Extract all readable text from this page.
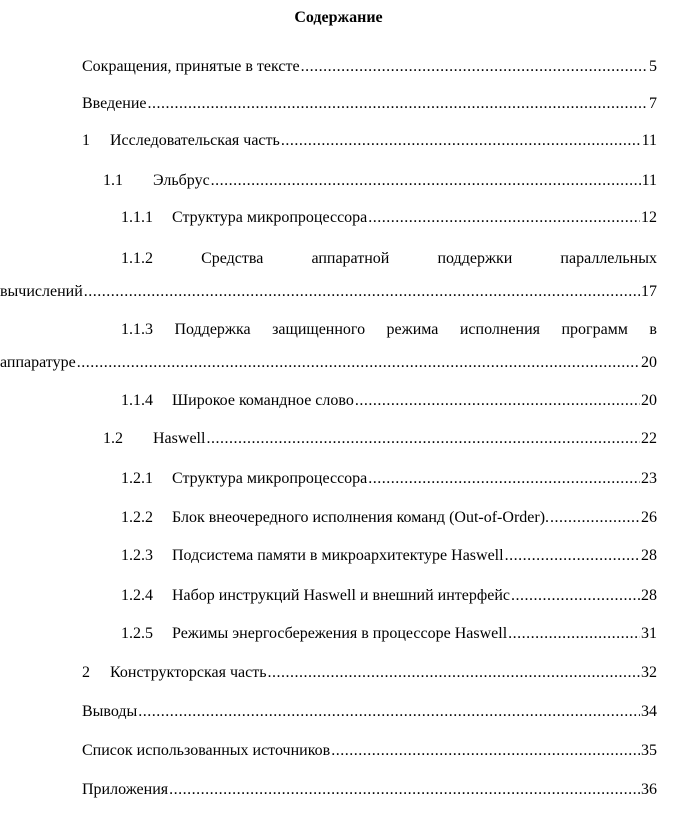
Содержание
Сокращения, принятые в тексте .....	5
Введение .....	7
1	Исследовательская часть .....	11
1.1	Эльбрус .....	11
1.1.1	Структура микропроцессора .....	12
1.1.2	Средства	аппаратной	поддержки	параллельных
вычислений .....	17
1.1.3 Поддержка защищенного режима исполнения программ в
аппаратуре .....	20
1.1.4	Широкое командное слово .....	20
1.2	Haswell .....	22
1.2.1	Структура микропроцессора .....	23
1.2.2	Блок внеочередного исполнения команд (Out-of-Order). .....	26
1.2.3	Подсистема памяти в микроархитектуре Haswell .....	28
1.2.4	Набор инструкций Haswell и внешний интерфейс .....	28
1.2.5	Режимы энергосбережения в процессоре Haswell .....	31
2	Конструкторская часть .....	32
Выводы .....	34
Список использованных источников .....	35
Приложения .....	36
